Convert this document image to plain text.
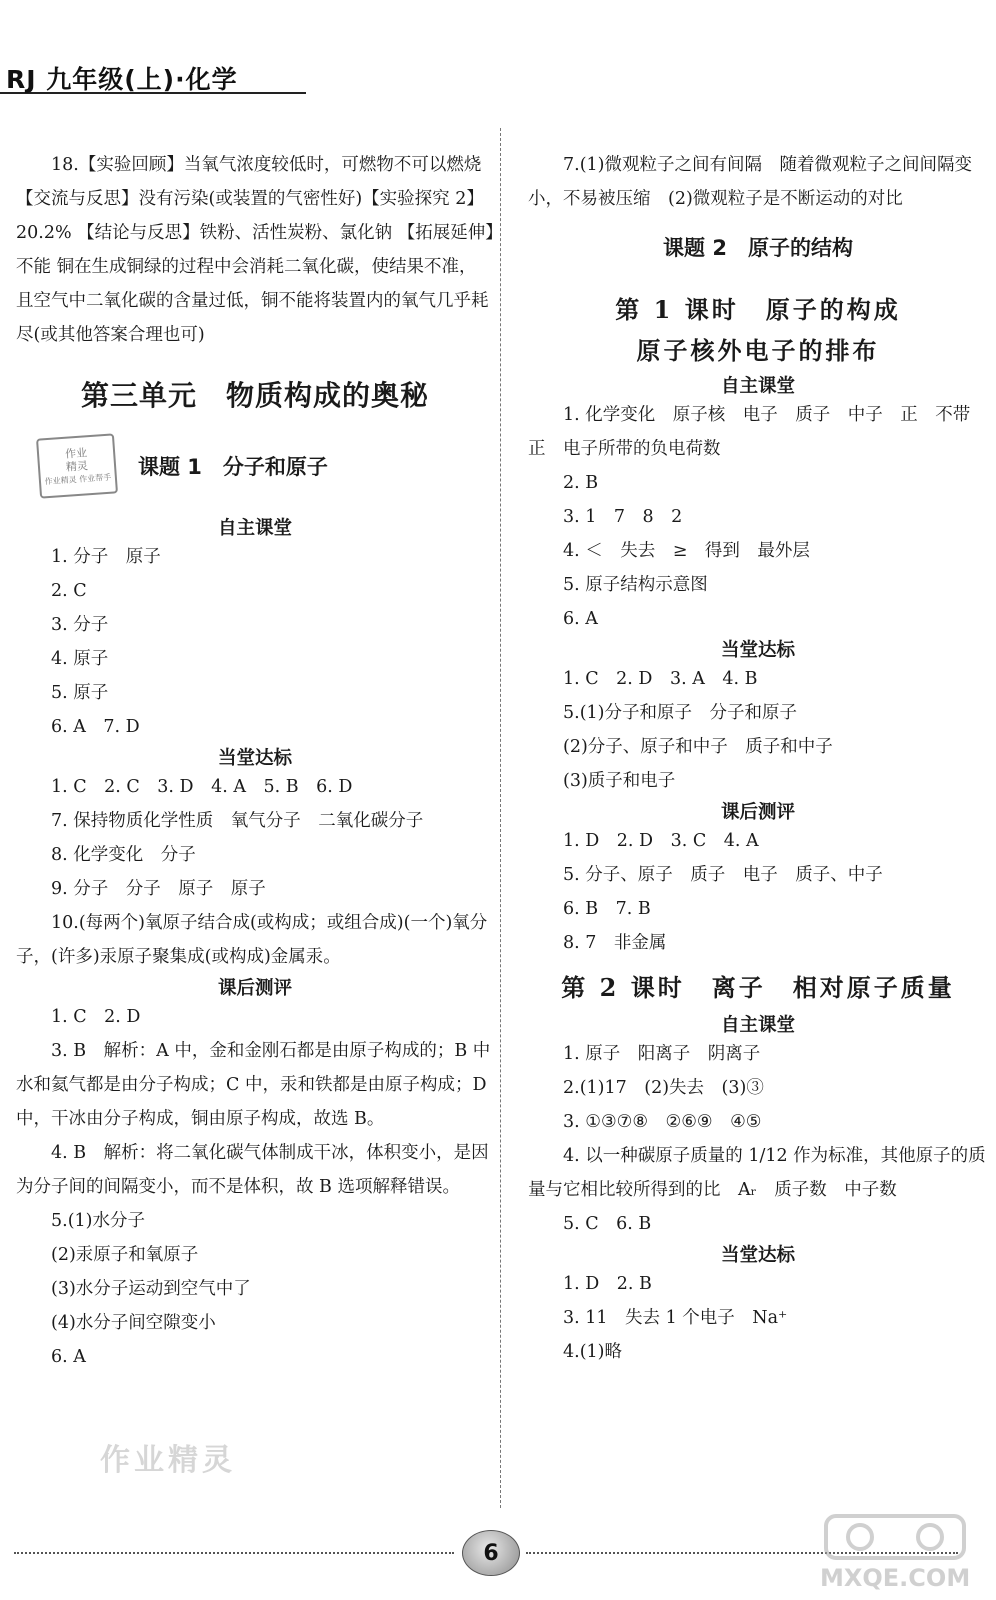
RJ 九年级(上)·化学

18.【实验回顾】当氧气浓度较低时，可燃物不可以燃烧 【交流与反思】没有污染(或装置的气密性好)【实验探究 2】20.2% 【结论与反思】铁粉、活性炭粉、氯化钠 【拓展延伸】不能 铜在生成铜绿的过程中会消耗二氧化碳，使结果不准，且空气中二氧化碳的含量过低，铜不能将装置内的氧气几乎耗尽(或其他答案合理也可)

第三单元　物质构成的奥秘

作业
精灵
作业精灵 作业帮手 课题 1　分子和原子

自主课堂

1. 分子　原子

2. C

3. 分子

4. 原子

5. 原子

6. A　7. D

当堂达标

1. C　2. C　3. D　4. A　5. B　6. D

7. 保持物质化学性质　氧气分子　二氧化碳分子

8. 化学变化　分子

9. 分子　分子　原子　原子

10.(每两个)氧原子结合成(或构成；或组合成)(一个)氧分子，(许多)汞原子聚集成(或构成)金属汞。

课后测评

1. C　2. D

3. B　解析：A 中，金和金刚石都是由原子构成的；B 中水和氦气都是由分子构成；C 中，汞和铁都是由原子构成；D 中，干冰由分子构成，铜由原子构成，故选 B。

4. B　解析：将二氧化碳气体制成干冰，体积变小，是因为分子间的间隔变小，而不是体积，故 B 选项解释错误。

5.(1)水分子

(2)汞原子和氧原子

(3)水分子运动到空气中了

(4)水分子间空隙变小

6. A

7.(1)微观粒子之间有间隔　随着微观粒子之间间隔变小，不易被压缩　(2)微观粒子是不断运动的对比

课题 2　原子的结构

第 1 课时　原子的构成

原子核外电子的排布

自主课堂

1. 化学变化　原子核　电子　质子　中子　正　不带　正　电子所带的负电荷数

2. B

3. 1　7　8　2

4. ＜　失去　≥　得到　最外层

5. 原子结构示意图

6. A

当堂达标

1. C　2. D　3. A　4. B

5.(1)分子和原子　分子和原子

(2)分子、原子和中子　质子和中子

(3)质子和电子

课后测评

1. D　2. D　3. C　4. A

5. 分子、原子　质子　电子　质子、中子

6. B　7. B

8. 7　非金属

第 2 课时　离子　相对原子质量

自主课堂

1. 原子　阳离子　阴离子

2.(1)17　(2)失去　(3)③

3. ①③⑦⑧　②⑥⑨　④⑤

4. 以一种碳原子质量的 1/12 作为标准，其他原子的质量与它相比较所得到的比　Aᵣ　质子数　中子数

5. C　6. B

当堂达标

1. D　2. B

3. 11　失去 1 个电子　Na⁺

4.(1)略

6
作业精灵
MXQE.COM
